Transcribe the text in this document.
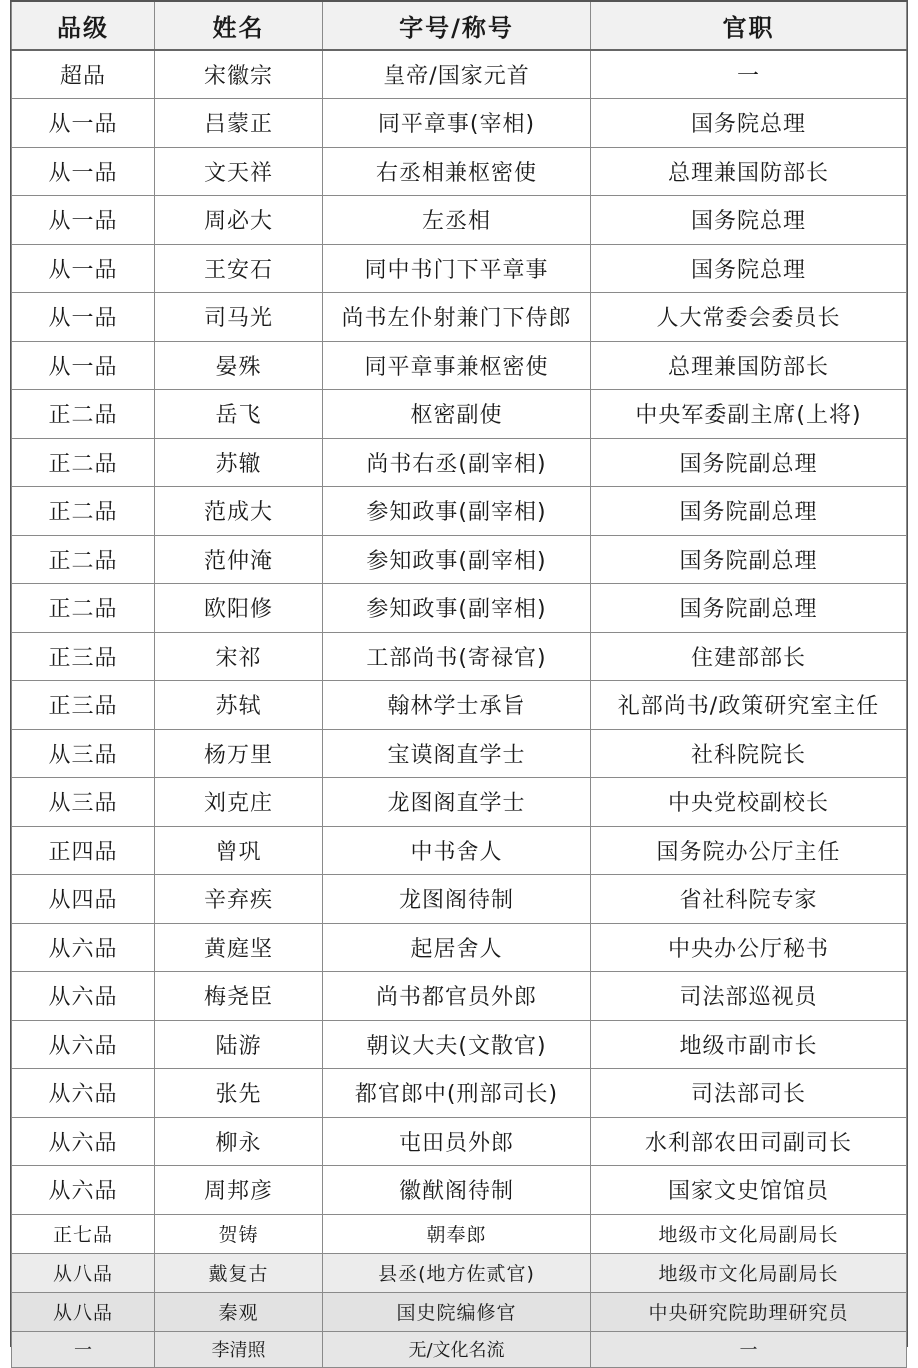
品级	姓名	字号/称号	官职
超品	宋徽宗	皇帝/国家元首	一
从一品	吕蒙正	同平章事(宰相)	国务院总理
从一品	文天祥	右丞相兼枢密使	总理兼国防部长
从一品	周必大	左丞相	国务院总理
从一品	王安石	同中书门下平章事	国务院总理
从一品	司马光	尚书左仆射兼门下侍郎	人大常委会委员长
从一品	晏殊	同平章事兼枢密使	总理兼国防部长
正二品	岳飞	枢密副使	中央军委副主席(上将)
正二品	苏辙	尚书右丞(副宰相)	国务院副总理
正二品	范成大	参知政事(副宰相)	国务院副总理
正二品	范仲淹	参知政事(副宰相)	国务院副总理
正二品	欧阳修	参知政事(副宰相)	国务院副总理
正三品	宋祁	工部尚书(寄禄官)	住建部部长
正三品	苏轼	翰林学士承旨	礼部尚书/政策研究室主任
从三品	杨万里	宝谟阁直学士	社科院院长
从三品	刘克庄	龙图阁直学士	中央党校副校长
正四品	曾巩	中书舍人	国务院办公厅主任
从四品	辛弃疾	龙图阁待制	省社科院专家
从六品	黄庭坚	起居舍人	中央办公厅秘书
从六品	梅尧臣	尚书都官员外郎	司法部巡视员
从六品	陆游	朝议大夫(文散官)	地级市副市长
从六品	张先	都官郎中(刑部司长)	司法部司长
从六品	柳永	屯田员外郎	水利部农田司副司长
从六品	周邦彦	徽猷阁待制	国家文史馆馆员
正七品	贺铸	朝奉郎	地级市文化局副局长
从八品	戴复古	县丞(地方佐贰官)	地级市文化局副局长
从八品	秦观	国史院编修官	中央研究院助理研究员
一	李清照	无/文化名流	一
